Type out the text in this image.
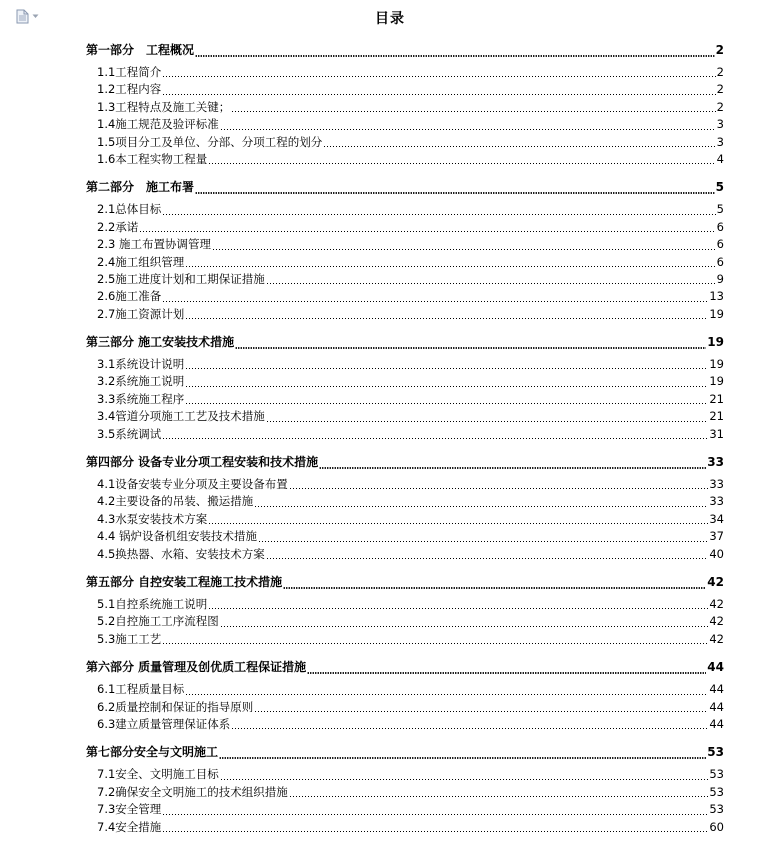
目录
第一部分　工程概况	2
1.1工程简介	2
1.2工程内容	2
1.3工程特点及施工关键；	2
1.4施工规范及验评标准	3
1.5项目分工及单位、分部、分项工程的划分	3
1.6本工程实物工程量	4
第二部分　施工布署	5
2.1总体目标	5
2.2承诺	6
2.3 施工布置协调管理	6
2.4施工组织管理	6
2.5施工进度计划和工期保证措施	9
2.6施工准备	13
2.7施工资源计划	19
第三部分 施工安装技术措施	19
3.1系统设计说明	19
3.2系统施工说明	19
3.3系统施工程序	21
3.4管道分项施工工艺及技术措施	21
3.5系统调试	31
第四部分 设备专业分项工程安装和技术措施	33
4.1设备安装专业分项及主要设备布置	33
4.2主要设备的吊装、搬运措施	33
4.3水泵安装技术方案	34
4.4 锅炉设备机组安装技术措施	37
4.5换热器、水箱、安装技术方案	40
第五部分 自控安装工程施工技术措施	42
5.1自控系统施工说明	42
5.2自控施工工序流程图	42
5.3施工工艺	42
第六部分 质量管理及创优质工程保证措施	44
6.1工程质量目标	44
6.2质量控制和保证的指导原则	44
6.3建立质量管理保证体系	44
第七部分安全与文明施工	53
7.1安全、文明施工目标	53
7.2确保安全文明施工的技术组织措施	53
7.3安全管理	53
7.4安全措施	60
